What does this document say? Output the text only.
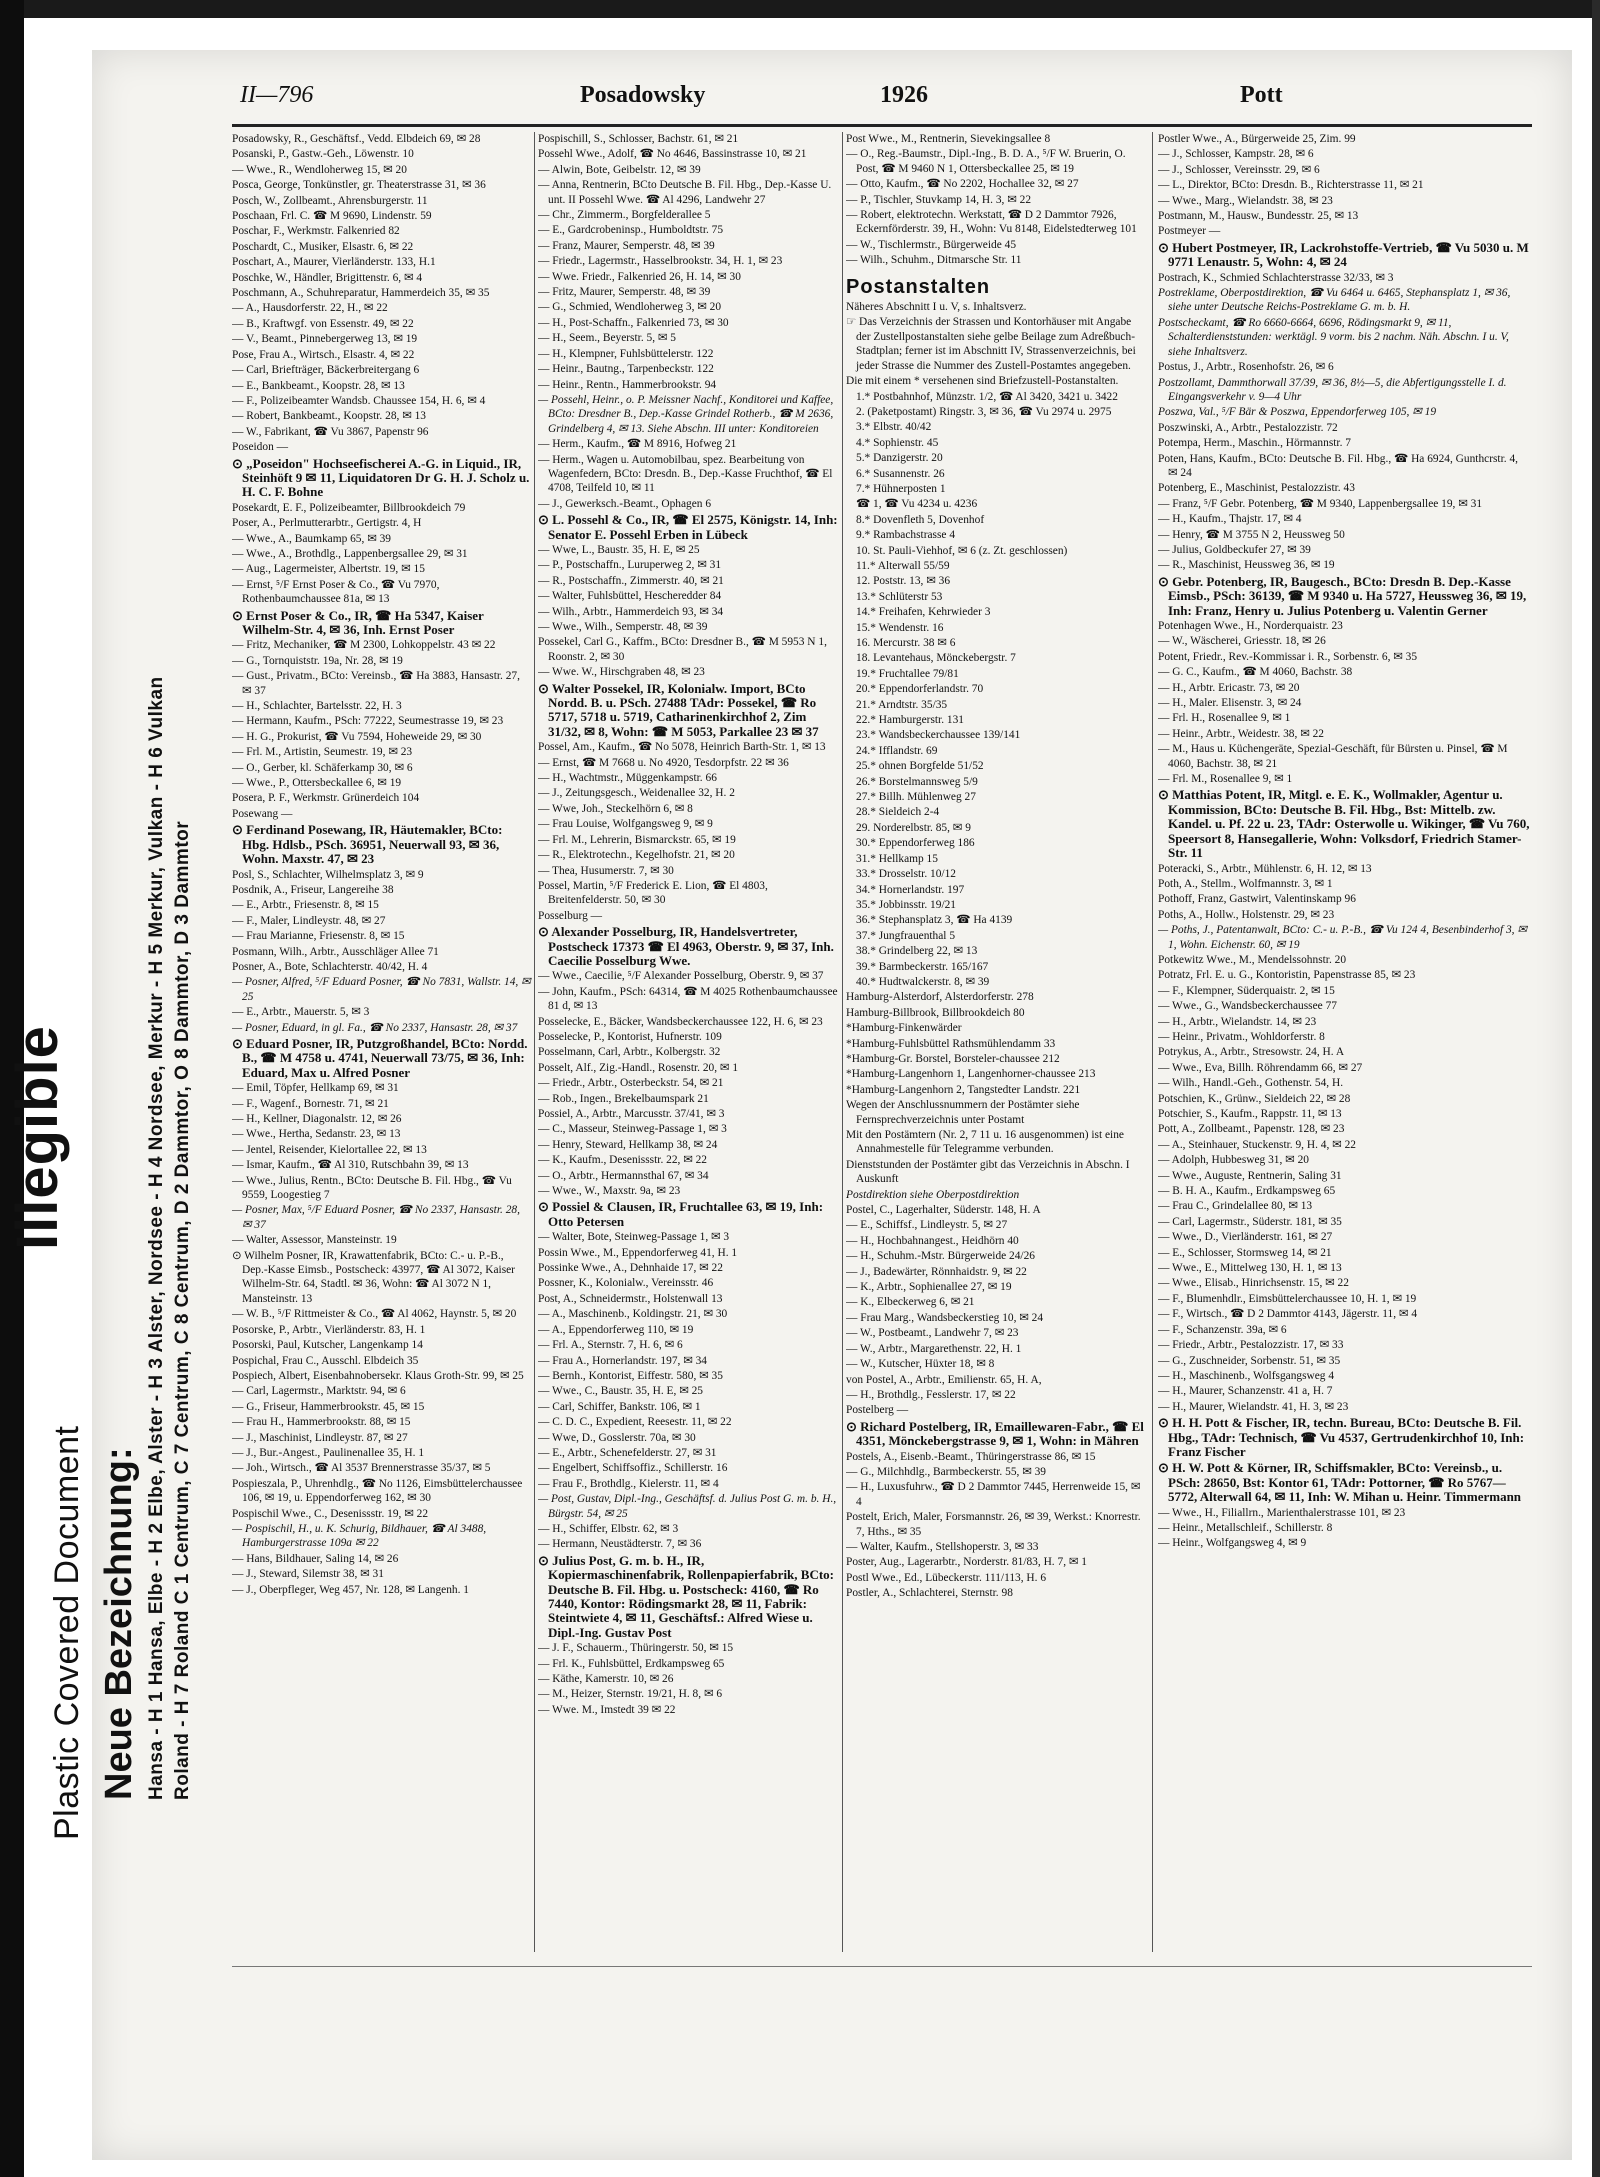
Illegible
Plastic Covered Document Neue Bezeichnung: Hansa - H 1 Hansa, Elbe - H 2 Elbe, Alster - H 3 Alster, Nordsee - H 4 Nordsee, Merkur - H 5 Merkur, Vulkan - H 6 Vulkan Roland - H 7 Roland C 1 Centrum, C 7 Centrum, C 8 Centrum, D 2 Dammtor, O 8 Dammtor, D 3 Dammtor
II—796	Posadowsky	1926	Pott
Posadowsky, R., Geschäftsf., Vedd. Elbdeich 69, ✉ 28
Posanski, P., Gastw.-Geh., Löwenstr. 10
— Wwe., R., Wendloherweg 15, ✉ 20
Posca, George, Tonkünstler, gr. Theaterstrasse 31, ✉ 36
Posch, W., Zollbeamt., Ahrensburgerstr. 11
Poschaan, Frl. C. ☎ M 9690, Lindenstr. 59
Poschar, F., Werkmstr. Falkenried 82
Poschardt, C., Musiker, Elsastr. 6, ✉ 22
Poschart, A., Maurer, Vierländerstr. 133, H.1
Poschke, W., Händler, Brigittenstr. 6, ✉ 4
Poschmann, A., Schuhreparatur, Hammerdeich 35, ✉ 35
— A., Hausdorferstr. 22, H., ✉ 22
— B., Kraftwgf. von Essenstr. 49, ✉ 22
— V., Beamt., Pinnebergerweg 13, ✉ 19
Pose, Frau A., Wirtsch., Elsastr. 4, ✉ 22
— Carl, Briefträger, Bäckerbreitergang 6
— E., Bankbeamt., Koopstr. 28, ✉ 13
— F., Polizeibeamter Wandsb. Chaussee 154, H. 6, ✉ 4
— Robert, Bankbeamt., Koopstr. 28, ✉ 13
— W., Fabrikant, ☎ Vu 3867, Papenstr 96
Poseidon —
⊙ „Poseidon" Hochseefischerei A.-G. in Liquid., IR, Steinhöft 9 ✉ 11, Liquidatoren Dr G. H. J. Scholz u. H. C. F. Bohne
Posekardt, E. F., Polizeibeamter, Billbrookdeich 79
Poser, A., Perlmutterarbtr., Gertigstr. 4, H
— Wwe., A., Baumkamp 65, ✉ 39
— Wwe., A., Brothdlg., Lappenbergsallee 29, ✉ 31
— Aug., Lagermeister, Albertstr. 19, ✉ 15
— Ernst, ⁵/F Ernst Poser & Co., ☎ Vu 7970, Rothenbaumchaussee 81a, ✉ 13
⊙ Ernst Poser & Co., IR, ☎ Ha 5347, Kaiser Wilhelm-Str. 4, ✉ 36, Inh. Ernst Poser
— Fritz, Mechaniker, ☎ M 2300, Lohkoppelstr. 43 ✉ 22
— G., Tornquiststr. 19a, Nr. 28, ✉ 19
— Gust., Privatm., BCto: Vereinsb., ☎ Ha 3883, Hansastr. 27, ✉ 37
— H., Schlachter, Bartelsstr. 22, H. 3
— Hermann, Kaufm., PSch: 77222, Seumestrasse 19, ✉ 23
— H. G., Prokurist, ☎ Vu 7594, Hoheweide 29, ✉ 30
— Frl. M., Artistin, Seumestr. 19, ✉ 23
— O., Gerber, kl. Schäferkamp 30, ✉ 6
— Wwe., P., Ottersbeckallee 6, ✉ 19
Posera, P. F., Werkmstr. Grünerdeich 104
Posewang —
⊙ Ferdinand Posewang, IR, Häutemakler, BCto: Hbg. Hdlsb., PSch. 36951, Neuerwall 93, ✉ 36, Wohn. Maxstr. 47, ✉ 23
Posl, S., Schlachter, Wilhelmsplatz 3, ✉ 9
Posdnik, A., Friseur, Langereihe 38
— E., Arbtr., Friesenstr. 8, ✉ 15
— F., Maler, Lindleystr. 48, ✉ 27
— Frau Marianne, Friesenstr. 8, ✉ 15
Posmann, Wilh., Arbtr., Ausschläger Allee 71
Posner, A., Bote, Schlachterstr. 40/42, H. 4
— Posner, Alfred, ⁵/F Eduard Posner, ☎ No 7831, Wallstr. 14, ✉ 25
— E., Arbtr., Mauerstr. 5, ✉ 3
— Posner, Eduard, in gl. Fa., ☎ No 2337, Hansastr. 28, ✉ 37
⊙ Eduard Posner, IR, Putzgroßhandel, BCto: Nordd. B., ☎ M 4758 u. 4741, Neuerwall 73/75, ✉ 36, Inh: Eduard, Max u. Alfred Posner
— Emil, Töpfer, Hellkamp 69, ✉ 31
— F., Wagenf., Bornestr. 71, ✉ 21
— H., Kellner, Diagonalstr. 12, ✉ 26
— Wwe., Hertha, Sedanstr. 23, ✉ 13
— Jentel, Reisender, Kielortallee 22, ✉ 13
— Ismar, Kaufm., ☎ Al 310, Rutschbahn 39, ✉ 13
— Wwe., Julius, Rentn., BCto: Deutsche B. Fil. Hbg., ☎ Vu 9559, Loogestieg 7
— Posner, Max, ⁵/F Eduard Posner, ☎ No 2337, Hansastr. 28, ✉ 37
— Walter, Assessor, Mansteinstr. 19
⊙ Wilhelm Posner, IR, Krawattenfabrik, BCto: C.- u. P.-B., Dep.-Kasse Eimsb., Postscheck: 43977, ☎ Al 3072, Kaiser Wilhelm-Str. 64, Stadtl. ✉ 36, Wohn: ☎ Al 3072 N 1, Mansteinstr. 13
— W. B., ⁵/F Rittmeister & Co., ☎ Al 4062, Haynstr. 5, ✉ 20
Posorske, P., Arbtr., Vierländerstr. 83, H. 1
Posorski, Paul, Kutscher, Langenkamp 14
Pospichal, Frau C., Ausschl. Elbdeich 35
Pospiech, Albert, Eisenbahnobersekr. Klaus Groth-Str. 99, ✉ 25
— Carl, Lagermstr., Marktstr. 94, ✉ 6
— G., Friseur, Hammerbrookstr. 45, ✉ 15
— Frau H., Hammerbrookstr. 88, ✉ 15
— J., Maschinist, Lindleystr. 87, ✉ 27
— J., Bur.-Angest., Paulinenallee 35, H. 1
— Joh., Wirtsch., ☎ Al 3537 Brennerstrasse 35/37, ✉ 5
Pospieszala, P., Uhrenhdlg., ☎ No 1126, Eimsbüttelerchaussee 106, ✉ 19, u. Eppendorferweg 162, ✉ 30
Pospischil Wwe., C., Desenissstr. 19, ✉ 22
— Pospischil, H., u. K. Schurig, Bildhauer, ☎ Al 3488, Hamburgerstrasse 109a ✉ 22
— Hans, Bildhauer, Saling 14, ✉ 26
— J., Steward, Silemstr 38, ✉ 31
— J., Oberpfleger, Weg 457, Nr. 128, ✉ Langenh. 1
Pospischill, S., Schlosser, Bachstr. 61, ✉ 21
Possehl Wwe., Adolf, ☎ No 4646, Bassinstrasse 10, ✉ 21
— Alwin, Bote, Geibelstr. 12, ✉ 39
— Anna, Rentnerin, BCto Deutsche B. Fil. Hbg., Dep.-Kasse U. unt. II Possehl Wwe. ☎ Al 4296, Landwehr 27
— Chr., Zimmerm., Borgfelderallee 5
— E., Gardcrobeninsp., Humboldtstr. 75
— Franz, Maurer, Semperstr. 48, ✉ 39
— Friedr., Lagermstr., Hasselbrookstr. 34, H. 1, ✉ 23
— Wwe. Friedr., Falkenried 26, H. 14, ✉ 30
— Fritz, Maurer, Semperstr. 48, ✉ 39
— G., Schmied, Wendloherweg 3, ✉ 20
— H., Post-Schaffn., Falkenried 73, ✉ 30
— H., Seem., Beyerstr. 5, ✉ 5
— H., Klempner, Fuhlsbüttelerstr. 122
— Heinr., Bautng., Tarpenbeckstr. 122
— Heinr., Rentn., Hammerbrookstr. 94
— Possehl, Heinr., o. P. Meissner Nachf., Konditorei und Kaffee, BCto: Dresdner B., Dep.-Kasse Grindel Rotherb., ☎ M 2636, Grindelberg 4, ✉ 13. Siehe Abschn. III unter: Konditoreien
— Herm., Kaufm., ☎ M 8916, Hofweg 21
— Herm., Wagen u. Automobilbau, spez. Bearbeitung von Wagenfedern, BCto: Dresdn. B., Dep.-Kasse Fruchthof, ☎ El 4708, Teilfeld 10, ✉ 11
— J., Gewerksch.-Beamt., Ophagen 6
⊙ L. Possehl & Co., IR, ☎ El 2575, Königstr. 14, Inh: Senator E. Possehl Erben in Lübeck
— Wwe, L., Baustr. 35, H. E, ✉ 25
— P., Postschaffn., Luruperweg 2, ✉ 31
— R., Postschaffn., Zimmerstr. 40, ✉ 21
— Walter, Fuhlsbüttel, Hescheredder 84
— Wilh., Arbtr., Hammerdeich 93, ✉ 34
— Wwe., Wilh., Semperstr. 48, ✉ 39
Possekel, Carl G., Kaffm., BCto: Dresdner B., ☎ M 5953 N 1, Roonstr. 2, ✉ 30
— Wwe. W., Hirschgraben 48, ✉ 23
⊙ Walter Possekel, IR, Kolonialw. Import, BCto Nordd. B. u. PSch. 27488 TAdr: Possekel, ☎ Ro 5717, 5718 u. 5719, Catharinenkirchhof 2, Zim 31/32, ✉ 8, Wohn: ☎ M 5053, Parkallee 23 ✉ 37
Possel, Am., Kaufm., ☎ No 5078, Heinrich Barth-Str. 1, ✉ 13
— Ernst, ☎ M 7668 u. No 4920, Tesdorpfstr. 22 ✉ 36
— H., Wachtmstr., Müggenkampstr. 66
— J., Zeitungsgesch., Weidenallee 32, H. 2
— Wwe, Joh., Steckelhörn 6, ✉ 8
— Frau Louise, Wolfgangsweg 9, ✉ 9
— Frl. M., Lehrerin, Bismarckstr. 65, ✉ 19
— R., Elektrotechn., Kegelhofstr. 21, ✉ 20
— Thea, Husumerstr. 7, ✉ 30
Possel, Martin, ⁵/F Frederick E. Lion, ☎ El 4803, Breitenfelderstr. 50, ✉ 30
Posselburg —
⊙ Alexander Posselburg, IR, Handelsvertreter, Postscheck 17373 ☎ El 4963, Oberstr. 9, ✉ 37, Inh. Caecilie Posselburg Wwe.
— Wwe., Caecilie, ⁵/F Alexander Posselburg, Oberstr. 9, ✉ 37
— John, Kaufm., PSch: 64314, ☎ M 4025 Rothenbaumchaussee 81 d, ✉ 13
Posselecke, E., Bäcker, Wandsbeckerchaussee 122, H. 6, ✉ 23
Posselecke, P., Kontorist, Hufnerstr. 109
Posselmann, Carl, Arbtr., Kolbergstr. 32
Posselt, Alf., Zig.-Handl., Rosenstr. 20, ✉ 1
— Friedr., Arbtr., Osterbeckstr. 54, ✉ 21
— Rob., Ingen., Brekelbaumspark 21
Possiel, A., Arbtr., Marcusstr. 37/41, ✉ 3
— C., Masseur, Steinweg-Passage 1, ✉ 3
— Henry, Steward, Hellkamp 38, ✉ 24
— K., Kaufm., Desenissstr. 22, ✉ 22
— O., Arbtr., Hermannsthal 67, ✉ 34
— Wwe., W., Maxstr. 9a, ✉ 23
⊙ Possiel & Clausen, IR, Fruchtallee 63, ✉ 19, Inh: Otto Petersen
— Walter, Bote, Steinweg-Passage 1, ✉ 3
Possin Wwe., M., Eppendorferweg 41, H. 1
Possinke Wwe., A., Dehnhaide 17, ✉ 22
Possner, K., Kolonialw., Vereinsstr. 46
Post, A., Schneidermstr., Holstenwall 13
— A., Maschinenb., Koldingstr. 21, ✉ 30
— A., Eppendorferweg 110, ✉ 19
— Frl. A., Sternstr. 7, H. 6, ✉ 6
— Frau A., Hornerlandstr. 197, ✉ 34
— Bernh., Kontorist, Eiffestr. 580, ✉ 35
— Wwe., C., Baustr. 35, H. E, ✉ 25
— Carl, Schiffer, Bankstr. 106, ✉ 1
— C. D. C., Expedient, Reesestr. 11, ✉ 22
— Wwe, D., Gosslerstr. 70a, ✉ 30
— E., Arbtr., Schenefelderstr. 27, ✉ 31
— Engelbert, Schiffsoffiz., Schillerstr. 16
— Frau F., Brothdlg., Kielerstr. 11, ✉ 4
— Post, Gustav, Dipl.-Ing., Geschäftsf. d. Julius Post G. m. b. H., Bürgstr. 54, ✉ 25
— H., Schiffer, Elbstr. 62, ✉ 3
— Hermann, Neustädterstr. 7, ✉ 36
⊙ Julius Post, G. m. b. H., IR, Kopiermaschinenfabrik, Rollenpapierfabrik, BCto: Deutsche B. Fil. Hbg. u. Postscheck: 4160, ☎ Ro 7440, Kontor: Rödingsmarkt 28, ✉ 11, Fabrik: Steintwiete 4, ✉ 11, Geschäftsf.: Alfred Wiese u. Dipl.-Ing. Gustav Post
— J. F., Schauerm., Thüringerstr. 50, ✉ 15
— Frl. K., Fuhlsbüttel, Erdkampsweg 65
— Käthe, Kamerstr. 10, ✉ 26
— M., Heizer, Sternstr. 19/21, H. 8, ✉ 6
— Wwe. M., Imstedt 39 ✉ 22
Post Wwe., M., Rentnerin, Sievekingsallee 8
— O., Reg.-Baumstr., Dipl.-Ing., B. D. A., ⁵/F W. Bruerin, O. Post, ☎ M 9460 N 1, Ottersbeckallee 25, ✉ 19
— Otto, Kaufm., ☎ No 2202, Hochallee 32, ✉ 27
— P., Tischler, Stuvkamp 14, H. 3, ✉ 22
— Robert, elektrotechn. Werkstatt, ☎ D 2 Dammtor 7926, Eckernförderstr. 39, H., Wohn: Vu 8148, Eidelstedterweg 101
— W., Tischlermstr., Bürgerweide 45
— Wilh., Schuhm., Ditmarsche Str. 11
Postanstalten
Näheres Abschnitt I u. V, s. Inhaltsverz.
☞ Das Verzeichnis der Strassen und Kontorhäuser mit Angabe der Zustellpostanstalten siehe gelbe Beilage zum Adreßbuch-Stadtplan; ferner ist im Abschnitt IV, Strassenverzeichnis, bei jeder Strasse die Nummer des Zustell-Postamtes angegeben.
Die mit einem * versehenen sind Briefzustell-Postanstalten.
1.* Postbahnhof, Münzstr. 1/2, ☎ Al 3420, 3421 u. 3422
2. (Paketpostamt) Ringstr. 3, ✉ 36, ☎ Vu 2974 u. 2975
3.* Elbstr. 40/42
4.* Sophienstr. 45
5.* Danzigerstr. 20
6.* Susannenstr. 26
7.* Hühnerposten 1
☎ 1, ☎ Vu 4234 u. 4236
8.* Dovenfleth 5, Dovenhof
9.* Rambachstrasse 4
10. St. Pauli-Viehhof, ✉ 6 (z. Zt. geschlossen)
11.* Alterwall 55/59
12. Poststr. 13, ✉ 36
13.* Schlüterstr 53
14.* Freihafen, Kehrwieder 3
15.* Wendenstr. 16
16. Mercurstr. 38 ✉ 6
18. Levantehaus, Mönckebergstr. 7
19.* Fruchtallee 79/81
20.* Eppendorferlandstr. 70
21.* Arndtstr. 35/35
22.* Hamburgerstr. 131
23.* Wandsbeckerchaussee 139/141
24.* Ifflandstr. 69
25.* ohnen Borgfelde 51/52
26.* Borstelmannsweg 5/9
27.* Billh. Mühlenweg 27
28.* Sieldeich 2-4
29. Norderelbstr. 85, ✉ 9
30.* Eppendorferweg 186
31.* Hellkamp 15
33.* Drosselstr. 10/12
34.* Hornerlandstr. 197
35.* Jobbinsstr. 19/21
36.* Stephansplatz 3, ☎ Ha 4139
37.* Jungfrauenthal 5
38.* Grindelberg 22, ✉ 13
39.* Barmbeckerstr. 165/167
40.* Hudtwalckerstr. 8, ✉ 39
Hamburg-Alsterdorf, Alsterdorferstr. 278
Hamburg-Billbrook, Billbrookdeich 80
*Hamburg-Finkenwärder
*Hamburg-Fuhlsbüttel Rathsmühlendamm 33
*Hamburg-Gr. Borstel, Borsteler-chaussee 212
*Hamburg-Langenhorn 1, Langenhorner-chaussee 213
*Hamburg-Langenhorn 2, Tangstedter Landstr. 221
Wegen der Anschlussnummern der Postämter siehe Fernsprechverzeichnis unter Postamt
Mit den Postämtern (Nr. 2, 7 11 u. 16 ausgenommen) ist eine Annahmestelle für Telegramme verbunden.
Dienststunden der Postämter gibt das Verzeichnis in Abschn. I Auskunft
Postdirektion siehe Oberpostdirektion
Postel, C., Lagerhalter, Süderstr. 148, H. A
— E., Schiffsf., Lindleystr. 5, ✉ 27
— H., Hochbahnangest., Heidhörn 40
— H., Schuhm.-Mstr. Bürgerweide 24/26
— J., Badewärter, Rönnhaidstr. 9, ✉ 22
— K., Arbtr., Sophienallee 27, ✉ 19
— K., Elbeckerweg 6, ✉ 21
— Frau Marg., Wandsbeckerstieg 10, ✉ 24
— W., Postbeamt., Landwehr 7, ✉ 23
— W., Arbtr., Margarethenstr. 22, H. 1
— W., Kutscher, Hüxter 18, ✉ 8
von Postel, A., Arbtr., Emilienstr. 65, H. A,
— H., Brothdlg., Fesslerstr. 17, ✉ 22
Postelberg —
⊙ Richard Postelberg, IR, Emaillewaren-Fabr., ☎ El 4351, Mönckebergstrasse 9, ✉ 1, Wohn: in Mähren
Postels, A., Eisenb.-Beamt., Thüringerstrasse 86, ✉ 15
— G., Milchhdlg., Barmbeckerstr. 55, ✉ 39
— H., Luxusfuhrw., ☎ D 2 Dammtor 7445, Herrenweide 15, ✉ 4
Postelt, Erich, Maler, Forsmannstr. 26, ✉ 39, Werkst.: Knorrestr. 7, Hths., ✉ 35
— Walter, Kaufm., Stellshoperstr. 3, ✉ 33
Poster, Aug., Lagerarbtr., Norderstr. 81/83, H. 7, ✉ 1
Postl Wwe., Ed., Lübeckerstr. 111/113, H. 6
Postler, A., Schlachterei, Sternstr. 98
Postler Wwe., A., Bürgerweide 25, Zim. 99
— J., Schlosser, Kampstr. 28, ✉ 6
— J., Schlosser, Vereinsstr. 29, ✉ 6
— L., Direktor, BCto: Dresdn. B., Richterstrasse 11, ✉ 21
— Wwe., Marg., Wielandstr. 38, ✉ 23
Postmann, M., Hausw., Bundesstr. 25, ✉ 13
Postmeyer —
⊙ Hubert Postmeyer, IR, Lackrohstoffe-Vertrieb, ☎ Vu 5030 u. M 9771 Lenaustr. 5, Wohn: 4, ✉ 24
Postrach, K., Schmied Schlachterstrasse 32/33, ✉ 3
Postreklame, Oberpostdirektion, ☎ Vu 6464 u. 6465, Stephansplatz 1, ✉ 36, siehe unter Deutsche Reichs-Postreklame G. m. b. H.
Postscheckamt, ☎ Ro 6660-6664, 6696, Rödingsmarkt 9, ✉ 11, Schalterdienststunden: werktägl. 9 vorm. bis 2 nachm. Näh. Abschn. I u. V, siehe Inhaltsverz.
Postus, J., Arbtr., Rosenhofstr. 26, ✉ 6
Postzollamt, Dammthorwall 37/39, ✉ 36, 8½—5, die Abfertigungsstelle I. d. Eingangsverkehr v. 9—4 Uhr
Poszwa, Val., ⁵/F Bär & Poszwa, Eppendorferweg 105, ✉ 19
Poszwinski, A., Arbtr., Pestalozzistr. 72
Potempa, Herm., Maschin., Hörmannstr. 7
Poten, Hans, Kaufm., BCto: Deutsche B. Fil. Hbg., ☎ Ha 6924, Gunthcrstr. 4, ✉ 24
Potenberg, E., Maschinist, Pestalozzistr. 43
— Franz, ⁵/F Gebr. Potenberg, ☎ M 9340, Lappenbergsallee 19, ✉ 31
— H., Kaufm., Thajstr. 17, ✉ 4
— Henry, ☎ M 3755 N 2, Heussweg 50
— Julius, Goldbeckufer 27, ✉ 39
— R., Maschinist, Heussweg 36, ✉ 19
⊙ Gebr. Potenberg, IR, Baugesch., BCto: Dresdn B. Dep.-Kasse Eimsb., PSch: 36139, ☎ M 9340 u. Ha 5727, Heussweg 36, ✉ 19, Inh: Franz, Henry u. Julius Potenberg u. Valentin Gerner
Potenhagen Wwe., H., Norderquaistr. 23
— W., Wäscherei, Griesstr. 18, ✉ 26
Potent, Friedr., Rev.-Kommissar i. R., Sorbenstr. 6, ✉ 35
— G. C., Kaufm., ☎ M 4060, Bachstr. 38
— H., Arbtr. Ericastr. 73, ✉ 20
— H., Maler. Elisenstr. 3, ✉ 24
— Frl. H., Rosenallee 9, ✉ 1
— Heinr., Arbtr., Weidestr. 38, ✉ 22
— M., Haus u. Küchengeräte, Spezial-Geschäft, für Bürsten u. Pinsel, ☎ M 4060, Bachstr. 38, ✉ 21
— Frl. M., Rosenallee 9, ✉ 1
⊙ Matthias Potent, IR, Mitgl. e. E. K., Wollmakler, Agentur u. Kommission, BCto: Deutsche B. Fil. Hbg., Bst: Mittelb. zw. Kandel. u. Pf. 22 u. 23, TAdr: Osterwolle u. Wikinger, ☎ Vu 760, Speersort 8, Hansegallerie, Wohn: Volksdorf, Friedrich Stamer-Str. 11
Poteracki, S., Arbtr., Mühlenstr. 6, H. 12, ✉ 13
Poth, A., Stellm., Wolfmannstr. 3, ✉ 1
Pothoff, Franz, Gastwirt, Valentinskamp 96
Poths, A., Hollw., Holstenstr. 29, ✉ 23
— Poths, J., Patentanwalt, BCto: C.- u. P.-B., ☎ Vu 124 4, Besenbinderhof 3, ✉ 1, Wohn. Eichenstr. 60, ✉ 19
Potkewitz Wwe., M., Mendelssohnstr. 20
Potratz, Frl. E. u. G., Kontoristin, Papenstrasse 85, ✉ 23
— F., Klempner, Süderquaistr. 2, ✉ 15
— Wwe., G., Wandsbeckerchaussee 77
— H., Arbtr., Wielandstr. 14, ✉ 23
— Heinr., Privatm., Wohldorferstr. 8
Potrykus, A., Arbtr., Stresowstr. 24, H. A
— Wwe., Eva, Billh. Röhrendamm 66, ✉ 27
— Wilh., Handl.-Geh., Gothenstr. 54, H.
Potschien, K., Grünw., Sieldeich 22, ✉ 28
Potschier, S., Kaufm., Rappstr. 11, ✉ 13
Pott, A., Zollbeamt., Papenstr. 128, ✉ 23
— A., Steinhauer, Stuckenstr. 9, H. 4, ✉ 22
— Adolph, Hubbesweg 31, ✉ 20
— Wwe., Auguste, Rentnerin, Saling 31
— B. H. A., Kaufm., Erdkampsweg 65
— Frau C., Grindelallee 80, ✉ 13
— Carl, Lagermstr., Süderstr. 181, ✉ 35
— Wwe., D., Vierländerstr. 161, ✉ 27
— E., Schlosser, Stormsweg 14, ✉ 21
— Wwe., E., Mittelweg 130, H. 1, ✉ 13
— Wwe., Elisab., Hinrichsenstr. 15, ✉ 22
— F., Blumenhdlr., Eimsbüttelerchaussee 10, H. 1, ✉ 19
— F., Wirtsch., ☎ D 2 Dammtor 4143, Jägerstr. 11, ✉ 4
— F., Schanzenstr. 39a, ✉ 6
— Friedr., Arbtr., Pestalozzistr. 17, ✉ 33
— G., Zuschneider, Sorbenstr. 51, ✉ 35
— H., Maschinenb., Wolfsgangsweg 4
— H., Maurer, Schanzenstr. 41 a, H. 7
— H., Maurer, Wielandstr. 41, H. 3, ✉ 23
⊙ H. H. Pott & Fischer, IR, techn. Bureau, BCto: Deutsche B. Fil. Hbg., TAdr: Technisch, ☎ Vu 4537, Gertrudenkirchhof 10, Inh: Franz Fischer
⊙ H. W. Pott & Körner, IR, Schiffsmakler, BCto: Vereinsb., u. PSch: 28650, Bst: Kontor 61, TAdr: Pottorner, ☎ Ro 5767—5772, Alterwall 64, ✉ 11, Inh: W. Mihan u. Heinr. Timmermann
— Wwe., H., Filiallrn., Marienthalerstrasse 101, ✉ 23
— Heinr., Metallschleif., Schillerstr. 8
— Heinr., Wolfgangsweg 4, ✉ 9
